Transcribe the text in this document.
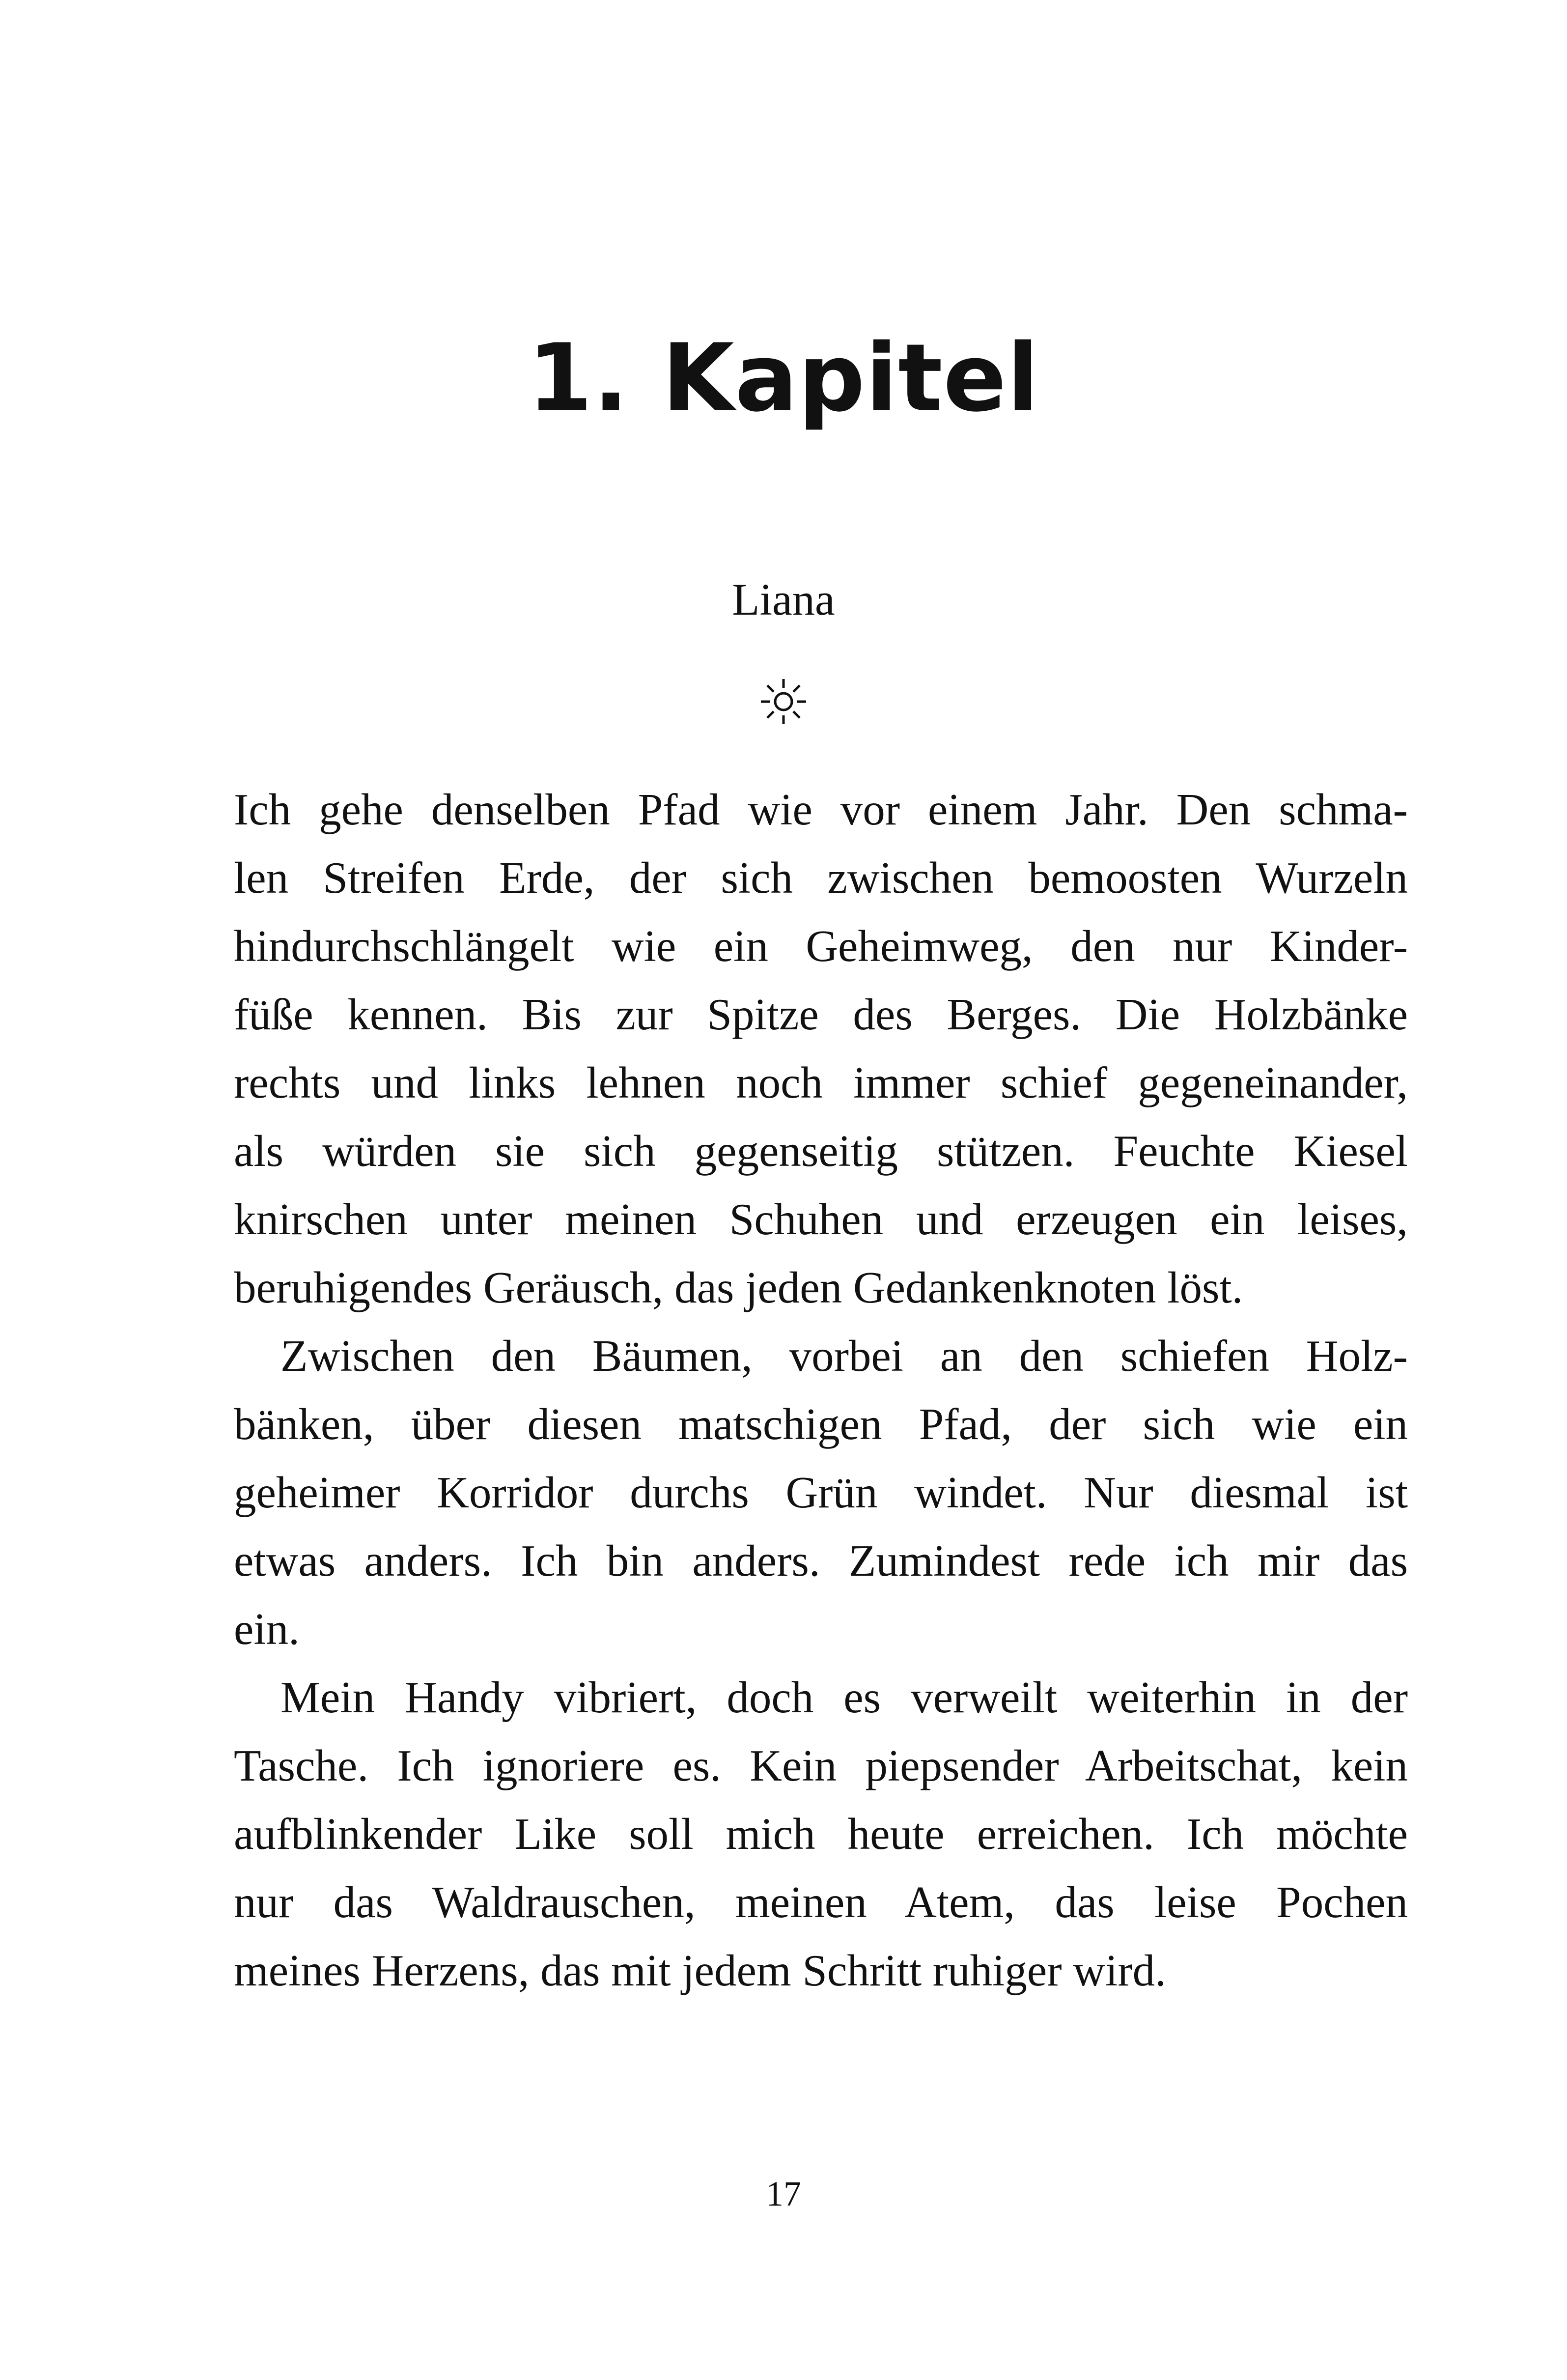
1. Kapitel

Liana

Ich gehe denselben Pfad wie vor einem Jahr. Den schma-
len Streifen Erde, der sich zwischen bemoosten Wurzeln
hindurchschlängelt wie ein Geheimweg, den nur Kinder-
füße kennen. Bis zur Spitze des Berges. Die Holzbänke
rechts und links lehnen noch immer schief gegeneinander,
als würden sie sich gegenseitig stützen. Feuchte Kiesel
knirschen unter meinen Schuhen und erzeugen ein leises,
beruhigendes Geräusch, das jeden Gedankenknoten löst.
Zwischen den Bäumen, vorbei an den schiefen Holz-
bänken, über diesen matschigen Pfad, der sich wie ein
geheimer Korridor durchs Grün windet. Nur diesmal ist
etwas anders. Ich bin anders. Zumindest rede ich mir das
ein.
Mein Handy vibriert, doch es verweilt weiterhin in der
Tasche. Ich ignoriere es. Kein piepsender Arbeitschat, kein
aufblinkender Like soll mich heute erreichen. Ich möchte
nur das Waldrauschen, meinen Atem, das leise Pochen
meines Herzens, das mit jedem Schritt ruhiger wird.

17
